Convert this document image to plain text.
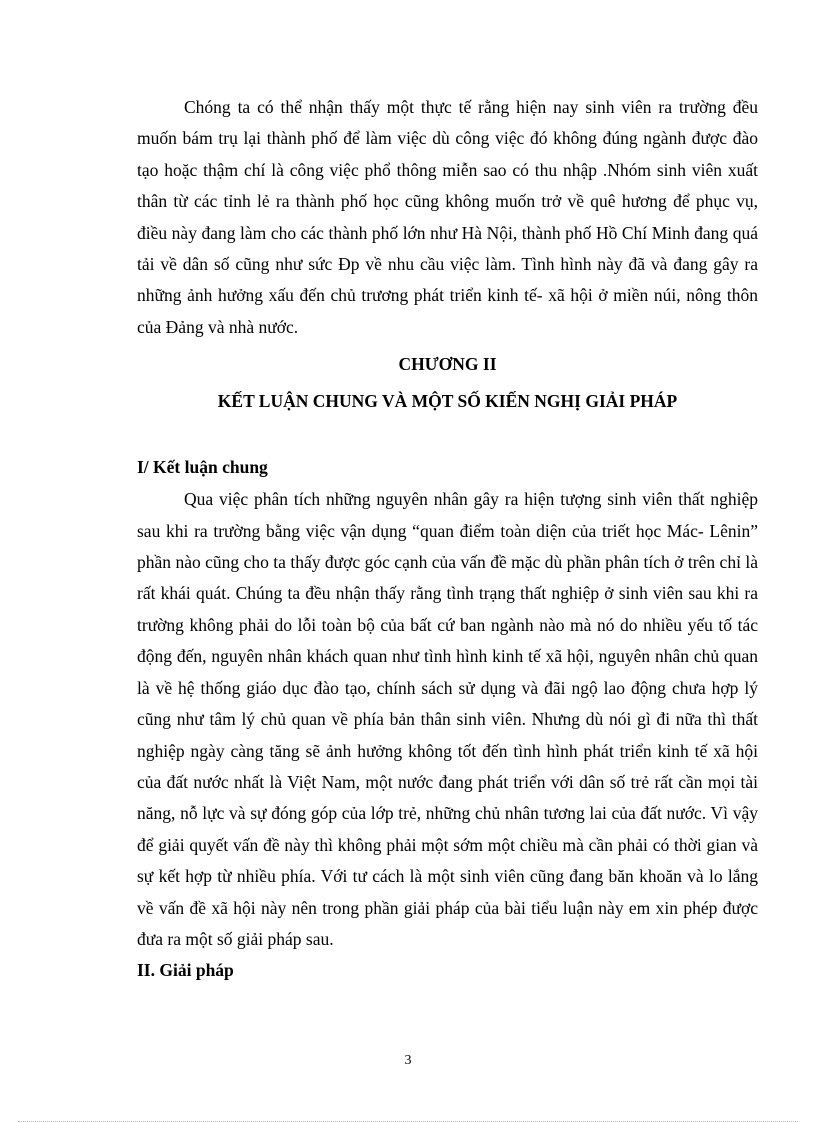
Chóng ta có thể nhận thấy một thực tế rằng hiện nay sinh viên ra trường đều muốn bám trụ lại thành phố để làm việc dù công việc đó không đúng ngành được đào tạo hoặc thậm chí là công việc phổ thông miễn sao có thu nhập .Nhóm sinh viên xuất thân từ các tỉnh lẻ ra thành phố học cũng không muốn trở về quê hương để phục vụ, điều này đang làm cho các thành phố lớn như Hà Nội, thành phố Hồ Chí Minh đang quá tải về dân số cũng như sức Ðp về nhu cầu việc làm. Tình hình này đã và đang gây ra những ảnh hưởng xấu đến chủ trương phát triển kinh tế- xã hội ở miền núi, nông thôn của Đảng và nhà nước.

CHƯƠNG II
KẾT LUẬN CHUNG VÀ MỘT SỐ KIẾN NGHỊ GIẢI PHÁP
I/ Kết luận chung

Qua việc phân tích những nguyên nhân gây ra hiện tượng sinh viên thất nghiệp sau khi ra trường bằng việc vận dụng “quan điểm toàn diện của triết học Mác- Lênin” phần nào cũng cho ta thấy được góc cạnh của vấn đề mặc dù phần phân tích ở trên chỉ là rất khái quát. Chúng ta đều nhận thấy rằng tình trạng thất nghiệp ở sinh viên sau khi ra trường không phải do lỗi toàn bộ của bất cứ ban ngành nào mà nó do nhiều yếu tố tác động đến, nguyên nhân khách quan như tình hình kinh tế xã hội, nguyên nhân chủ quan là về hệ thống giáo dục đào tạo, chính sách sử dụng và đãi ngộ lao động chưa hợp lý cũng như tâm lý chủ quan về phía bản thân sinh viên. Nhưng dù nói gì đi nữa thì thất nghiệp ngày càng tăng sẽ ảnh hưởng không tốt đến tình hình phát triển kinh tế xã hội của đất nước nhất là Việt Nam, một nước đang phát triển với dân số trẻ rất cần mọi tài năng, nỗ lực và sự đóng góp của lớp trẻ, những chủ nhân tương lai của đất nước. Vì vậy để giải quyết vấn đề này thì không phải một sớm một chiều mà cần phải có thời gian và sự kết hợp từ nhiều phía. Với tư cách là một sinh viên cũng đang băn khoăn và lo lắng về vấn đề xã hội này nên trong phần giải pháp của bài tiểu luận này em xin phép được đưa ra một số giải pháp sau.

II. Giải pháp
3
